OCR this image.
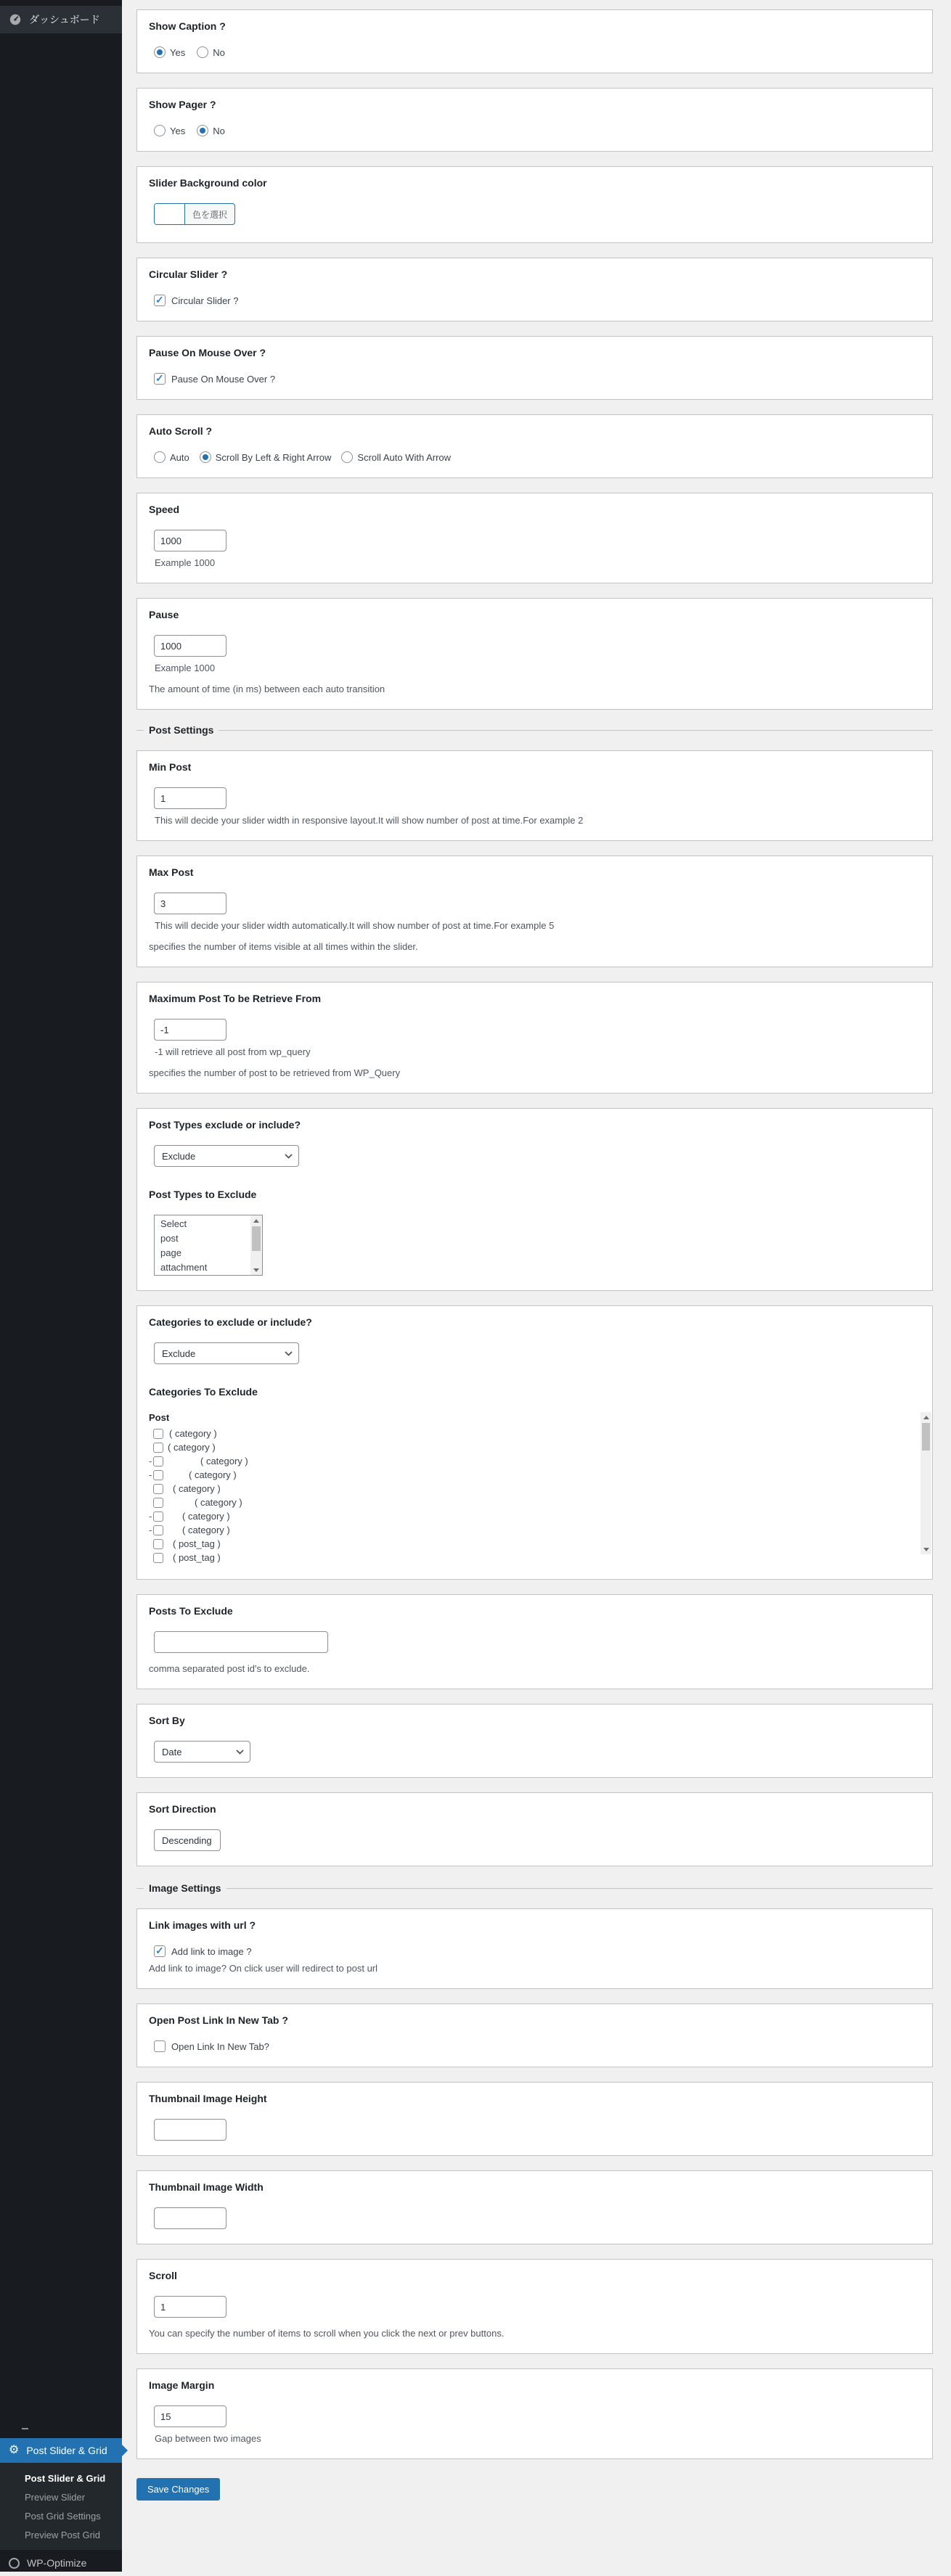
ダッシュボード
⚙ Post Slider & Grid
Post Slider & Grid
Preview Slider
Post Grid Settings
Preview Post Grid
WP-Optimize
Show Caption ?
Yes	No
Show Pager ?
Yes	No
Slider Background color
色を選択
Circular Slider ?
✓
Circular Slider ?
Pause On Mouse Over ?
✓
Pause On Mouse Over ?
Auto Scroll ?
Auto	Scroll By Left & Right Arrow	Scroll Auto With Arrow
Speed
1000
Example 1000
Pause
1000
Example 1000
The amount of time (in ms) between each auto transition
Post Settings
Min Post
1
This will decide your slider width in responsive layout.It will show number of post at time.For example 2
Max Post
3
This will decide your slider width automatically.It will show number of post at time.For example 5
specifies the number of items visible at all times within the slider.
Maximum Post To be Retrieve From
-1
-1 will retrieve all post from wp_query
specifies the number of post to be retrieved from WP_Query
Post Types exclude or include?
Exclude
Post Types to Exclude
Select
post
page
attachment
Categories to exclude or include?
Exclude
Categories To Exclude
Post
( category )
( category )
-	( category )
-	( category )
( category )
( category )
-	( category )
-	( category )
( post_tag )
( post_tag )
Posts To Exclude
comma separated post id's to exclude.
Sort By
Date
Sort Direction
Descending
Image Settings
Link images with url ?
✓
Add link to image ?
Add link to image? On click user will redirect to post url
Open Post Link In New Tab ?
Open Link In New Tab?
Thumbnail Image Height
Thumbnail Image Width
Scroll
1
You can specify the number of items to scroll when you click the next or prev buttons.
Image Margin
15
Gap between two images
Save Changes
